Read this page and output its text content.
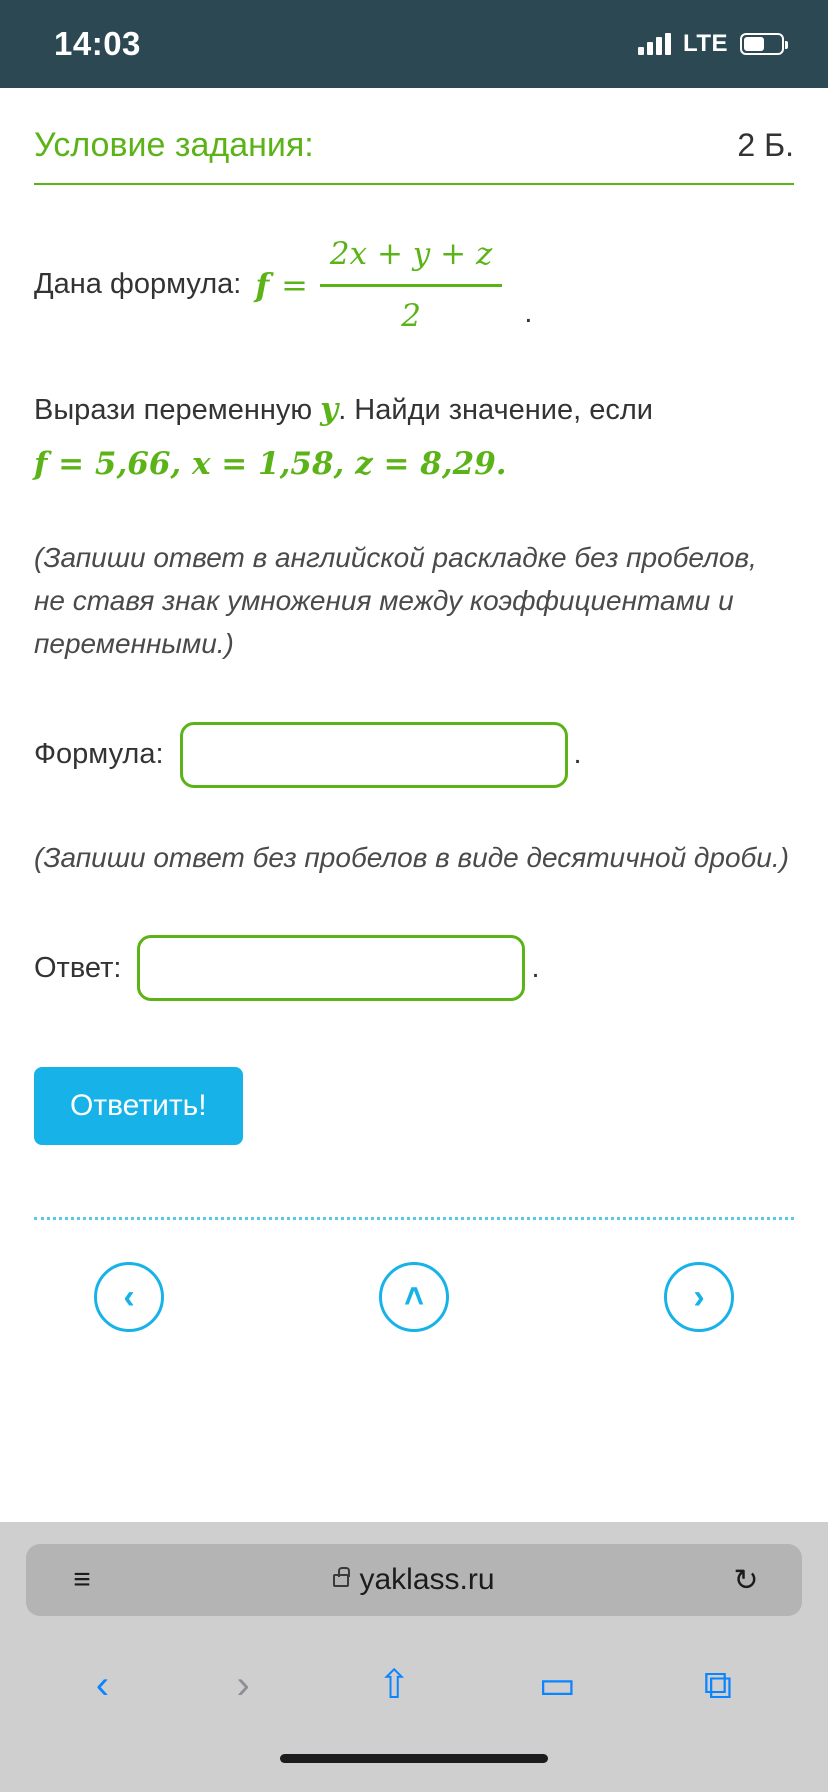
14:03	LTE
Условие задания:	2 Б.
Дана формула: $f = \frac{2x + y + z}{2}$ .
Вырази переменную y. Найди значение, если
f = 5,66, x = 1,58, z = 8,29.
(Запиши ответ в английской раскладке без пробелов, не ставя знак умножения между коэффициентами и переменными.)
Формула:	.
(Запиши ответ без пробелов в виде десятичной дроби.)
Ответ:	.
Ответить!
‹	˄	›
≡	yaklass.ru	↻
‹	›	⇧	▭	⧉
